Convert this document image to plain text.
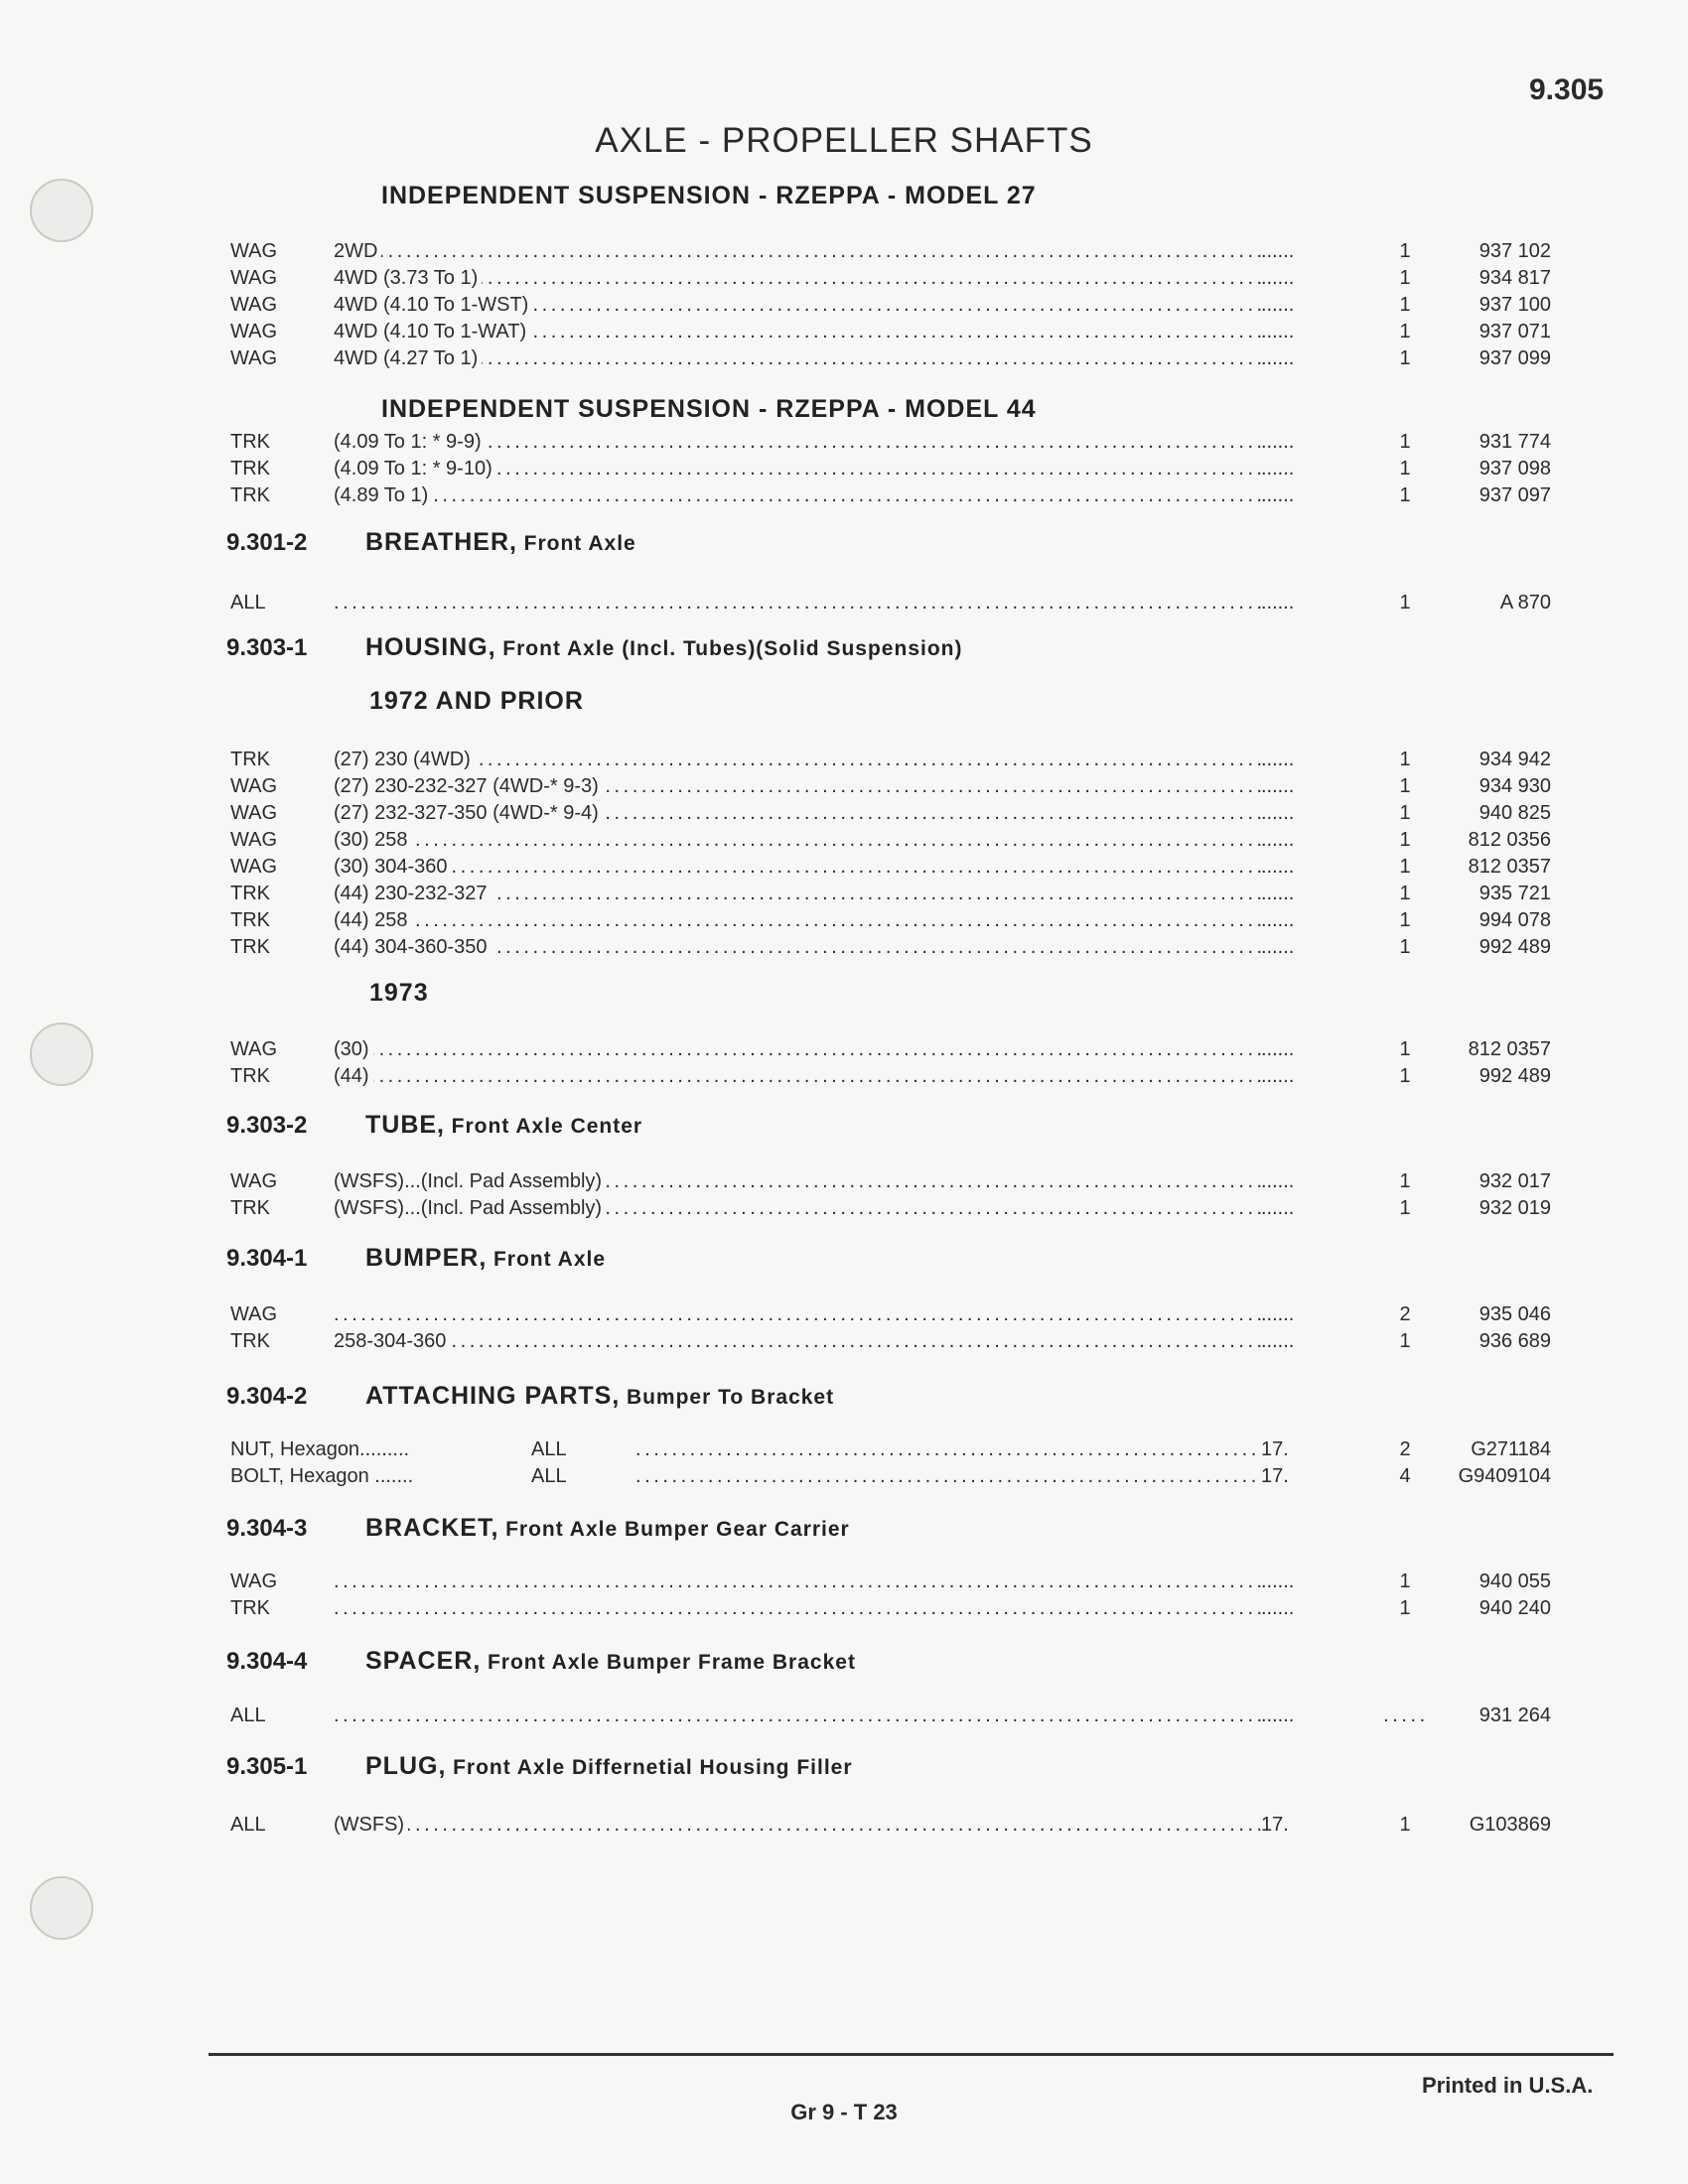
9.305
AXLE - PROPELLER SHAFTS
INDEPENDENT SUSPENSION - RZEPPA - MODEL 27
WAG . . .	2WD	......	1	937 102
WAG . . .	4WD (3.73 To 1)	......	1	934 817
WAG . . .	4WD (4.10 To 1-WST)	......	1	937 100
WAG . . .	4WD (4.10 To 1-WAT)	......	1	937 071
WAG . . .	4WD (4.27 To 1)	......	1	937 099
INDEPENDENT SUSPENSION - RZEPPA - MODEL 44
TRK . . .	(4.09 To 1: * 9-9)	......	1	931 774
TRK . . .	(4.09 To 1: * 9-10)	......	1	937 098
TRK . . .	(4.89 To 1)	......	1	937 097
9.301-2 BREATHER, Front Axle
ALL . . .	......	1	A 870
9.303-1 HOUSING, Front Axle (Incl. Tubes)(Solid Suspension)
1972 AND PRIOR
TRK . . .	(27) 230 (4WD)	......	1	934 942
WAG . . .	(27) 230-232-327 (4WD-* 9-3)	......	1	934 930
WAG . . .	(27) 232-327-350 (4WD-* 9-4)	......	1	940 825
WAG . . .	(30) 258	......	1	812 0356
WAG . . .	(30) 304-360	......	1	812 0357
TRK . . .	(44) 230-232-327	......	1	935 721
TRK . . .	(44) 258	......	1	994 078
TRK . . .	(44) 304-360-350	......	1	992 489
1973
WAG . . .	(30)	......	1	812 0357
TRK . . .	(44)	......	1	992 489
9.303-2 TUBE, Front Axle Center
WAG . . .	(WSFS)...(Incl. Pad Assembly)	......	1	932 017
TRK . . .	(WSFS)...(Incl. Pad Assembly)	......	1	932 019
9.304-1 BUMPER, Front Axle
WAG . . .	......	2	935 046
TRK . . .	258-304-360	......	1	936 689
9.304-2 ATTACHING PARTS, Bumper To Bracket
NUT, Hexagon.........	ALL . . .	17.	2	G271184
BOLT, Hexagon .......	ALL . . .	17.	4	G9409104
9.304-3 BRACKET, Front Axle Bumper Gear Carrier
WAG . . .	......	1	940 055
TRK . . .	......	1	940 240
9.304-4 SPACER, Front Axle Bumper Frame Bracket
ALL . . .	......	931 264
9.305-1 PLUG, Front Axle Differnetial Housing Filler
ALL . . .	(WSFS)	17.	1	G103869
Printed in U.S.A.
Gr 9 - T 23
